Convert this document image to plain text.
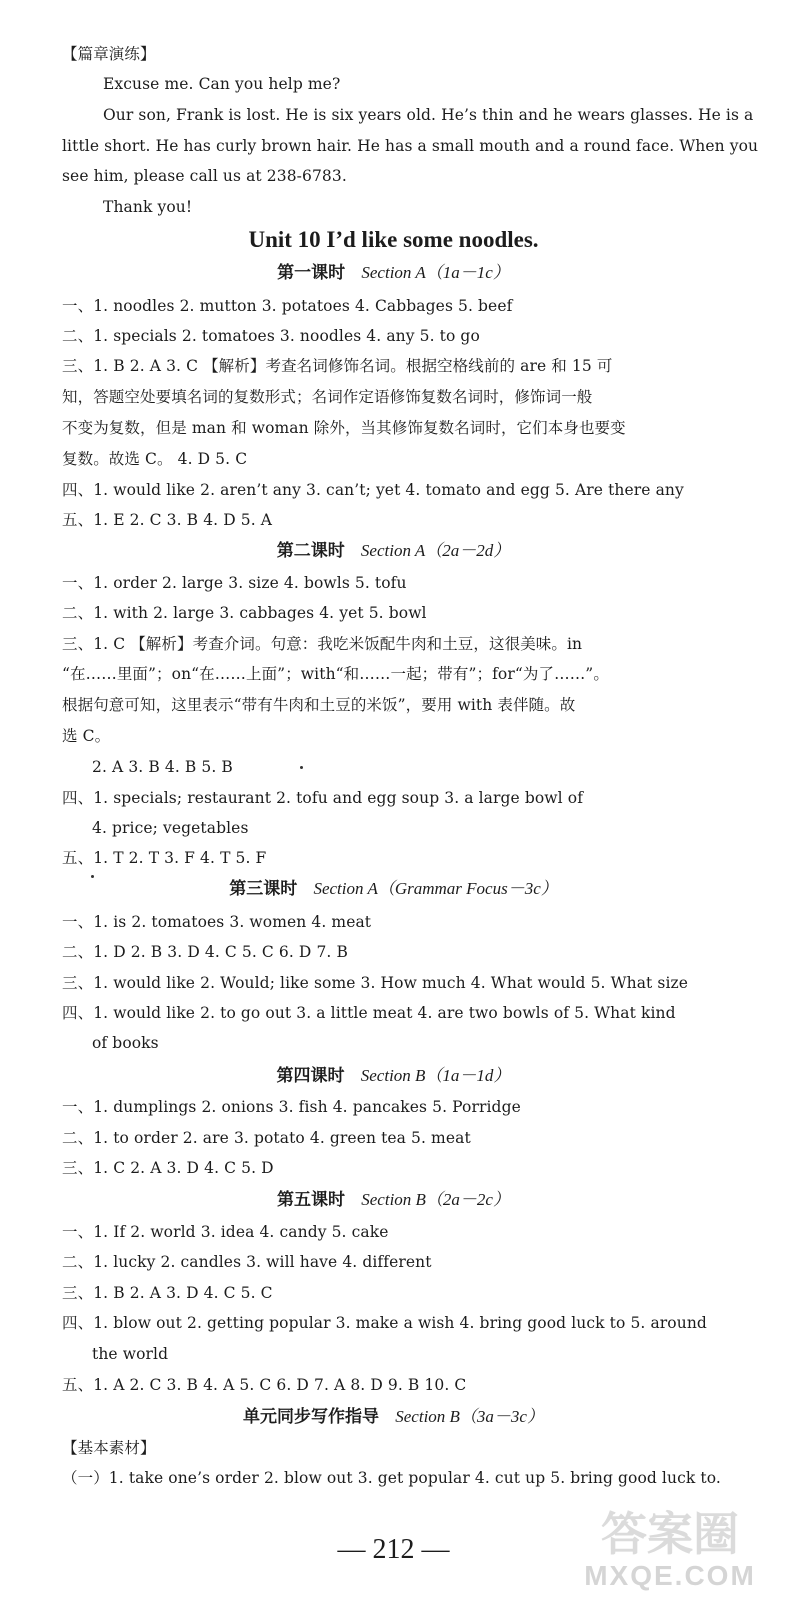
【篇章演练】
Excuse me. Can you help me?
Our son, Frank is lost. He is six years old. He’s thin and he wears glasses. He is a
little short. He has curly brown hair. He has a small mouth and a round face. When you
see him, please call us at 238-6783.
Thank you!
Unit 10 I’d like some noodles.
第一课时 Section A（1a－1c）
一、1. noodles 2. mutton 3. potatoes 4. Cabbages 5. beef
二、1. specials 2. tomatoes 3. noodles 4. any 5. to go
三、1. B 2. A 3. C 【解析】考查名词修饰名词。根据空格线前的 are 和 15 可
知，答题空处要填名词的复数形式；名词作定语修饰复数名词时，修饰词一般
不变为复数，但是 man 和 woman 除外，当其修饰复数名词时，它们本身也要变
复数。故选 C。 4. D 5. C
四、1. would like 2. aren’t any 3. can’t; yet 4. tomato and egg 5. Are there any
五、1. E 2. C 3. B 4. D 5. A
第二课时 Section A（2a－2d）
一、1. order 2. large 3. size 4. bowls 5. tofu
二、1. with 2. large 3. cabbages 4. yet 5. bowl
三、1. C 【解析】考查介词。句意：我吃米饭配牛肉和土豆，这很美味。in
“在……里面”；on“在……上面”；with“和……一起；带有”；for“为了……”。
根据句意可知，这里表示“带有牛肉和土豆的米饭”，要用 with 表伴随。故
选 C。
2. A 3. B 4. B 5. B
四、1. specials; restaurant 2. tofu and egg soup 3. a large bowl of
4. price; vegetables
五、1. T 2. T 3. F 4. T 5. F
第三课时 Section A（Grammar Focus－3c）
一、1. is 2. tomatoes 3. women 4. meat
二、1. D 2. B 3. D 4. C 5. C 6. D 7. B
三、1. would like 2. Would; like some 3. How much 4. What would 5. What size
四、1. would like 2. to go out 3. a little meat 4. are two bowls of 5. What kind
of books
第四课时 Section B（1a－1d）
一、1. dumplings 2. onions 3. fish 4. pancakes 5. Porridge
二、1. to order 2. are 3. potato 4. green tea 5. meat
三、1. C 2. A 3. D 4. C 5. D
第五课时 Section B（2a－2c）
一、1. If 2. world 3. idea 4. candy 5. cake
二、1. lucky 2. candles 3. will have 4. different
三、1. B 2. A 3. D 4. C 5. C
四、1. blow out 2. getting popular 3. make a wish 4. bring good luck to 5. around
the world
五、1. A 2. C 3. B 4. A 5. C 6. D 7. A 8. D 9. B 10. C
单元同步写作指导 Section B（3a－3c）
【基本素材】
（一）1. take one’s order 2. blow out 3. get popular 4. cut up 5. bring good luck to.
— 212 —	答案圈
MXQE.COM
